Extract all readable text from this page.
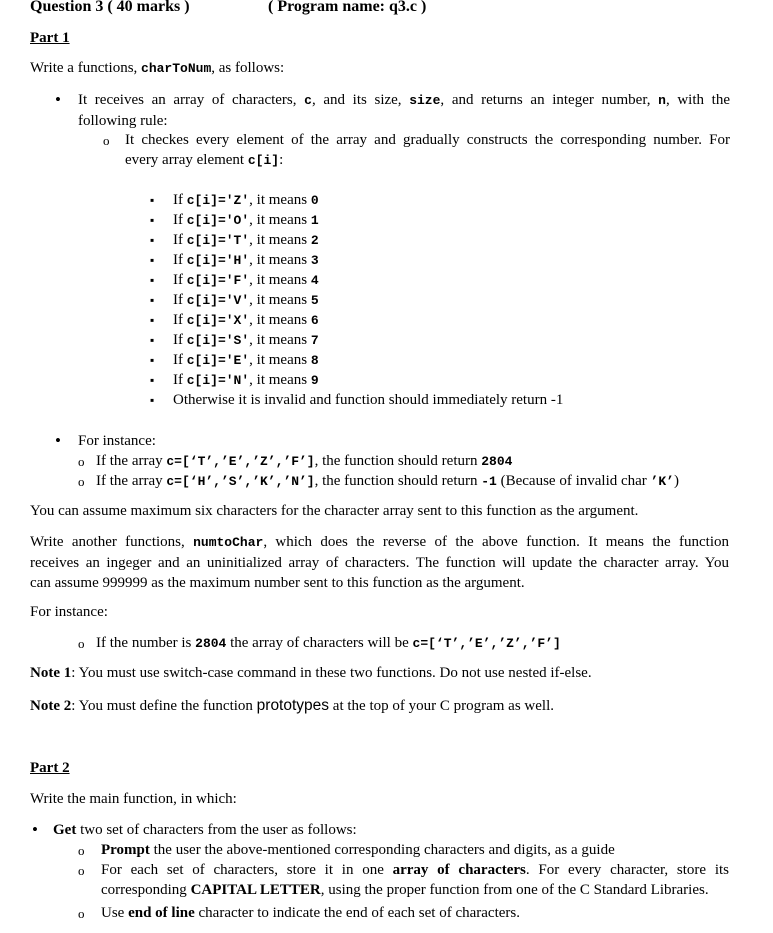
Question 3 ( 40 marks )	( Program name: q3.c )
Part 1
Write a functions, charToNum, as follows:
•
It receives an array of characters, c, and its size, size, and returns an integer number, n, with the
following rule:
o
It checkes every element of the array and gradually constructs the corresponding number. For
every array element c[i]:
▪
If c[i]='Z', it means 0
▪
If c[i]='O', it means 1
▪
If c[i]='T', it means 2
▪
If c[i]='H', it means 3
▪
If c[i]='F', it means 4
▪
If c[i]='V', it means 5
▪
If c[i]='X', it means 6
▪
If c[i]='S', it means 7
▪
If c[i]='E', it means 8
▪
If c[i]='N', it means 9
▪
Otherwise it is invalid and function should immediately return -1
•
For instance:
o
If the array c=[‘T’,’E’,’Z’,’F’], the function should return 2804
o
If the array c=[‘H’,’S’,’K’,’N’], the function should return -1 (Because of invalid char ’K’)
You can assume maximum six characters for the character array sent to this function as the argument.
Write another functions, numtoChar, which does the reverse of the above function. It means the function
receives an ingeger and an uninitialized array of characters. The function will update the character array. You
can assume 999999 as the maximum number sent to this function as the argument.
For instance:
o
If the number is 2804 the array of characters will be c=[‘T’,’E’,’Z’,’F’]
Note 1: You must use switch-case command in these two functions. Do not use nested if-else.
Note 2: You must define the function prototypes at the top of your C program as well.
Part 2
Write the main function, in which:
•
Get two set of characters from the user as follows:
o
Prompt the user the above-mentioned corresponding characters and digits, as a guide
o
For each set of characters, store it in one array of characters. For every character, store its
corresponding CAPITAL LETTER, using the proper function from one of the C Standard Libraries.
o
Use end of line character to indicate the end of each set of characters.
